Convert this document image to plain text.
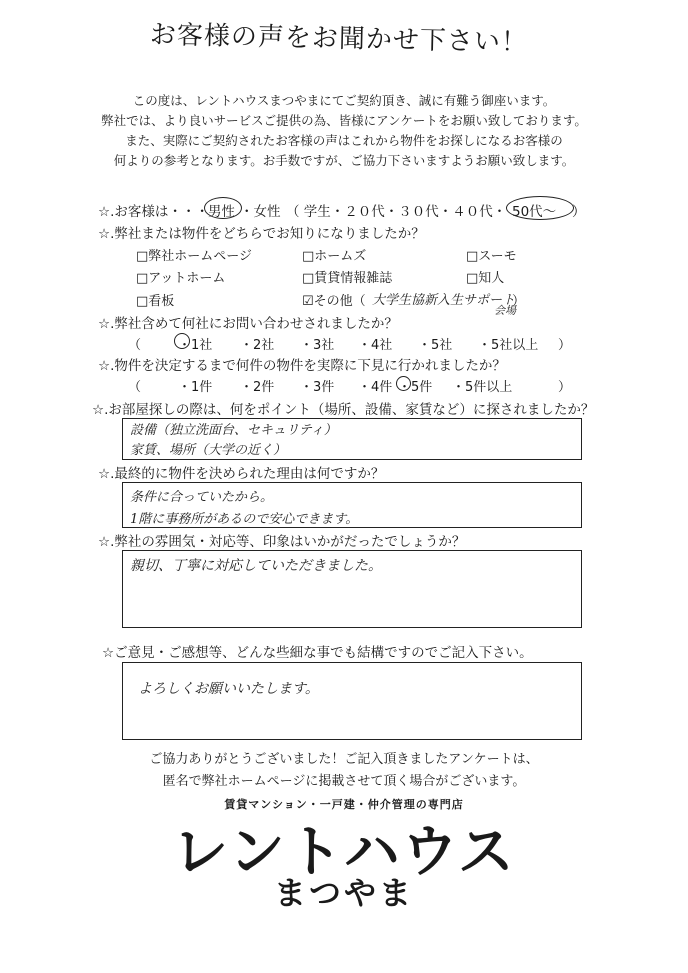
お客様の声をお聞かせ下さい！
この度は、レントハウスまつやまにてご契約頂き、誠に有難う御座います。
弊社では、より良いサービスご提供の為、皆様にアンケートをお願い致しております。
また、実際にご契約されたお客様の声はこれから物件をお探しになるお客様の
何よりの参考となります。お手数ですが、ご協力下さいますようお願い致します。
☆.お客様は・・・ 男性 ・女性 （ 学生・２０代・３０代・４０代・ 50代～ ）
☆.弊社または物件をどちらでお知りになりましたか？
□弊社ホームページ	□ホームズ	□スーモ
□アットホーム	□賃貸情報雑誌	□知人
□看板	☑その他（ 大学生協新入生サポート
会場
）
☆.弊社含めて何社にお問い合わせされましたか？
（	・1社 ・2社 ・3社 ・4社 ・5社 ・5社以上 ）
☆.物件を決定するまで何件の物件を実際に下見に行かれましたか？
（	・1件 ・2件 ・3件 ・4件 ・5件 ・5件以上	）
☆.お部屋探しの際は、何をポイント（場所、設備、家賃など）に探されましたか？
設備（独立洗面台、セキュリティ）
家賃、場所（大学の近く）
☆.最終的に物件を決められた理由は何ですか？
条件に合っていたから。
1階に事務所があるので安心できます。
☆.弊社の雰囲気・対応等、印象はいかがだったでしょうか？
親切、丁寧に対応していただきました。
☆ご意見・ご感想等、どんな些細な事でも結構ですのでご記入下さい。
よろしくお願いいたします。
ご協力ありがとうございました！ご記入頂きましたアンケートは、
匿名で弊社ホームページに掲載させて頂く場合がございます。
賃貸マンション・一戸建・仲介管理の専門店
レントハウス
まつやま
